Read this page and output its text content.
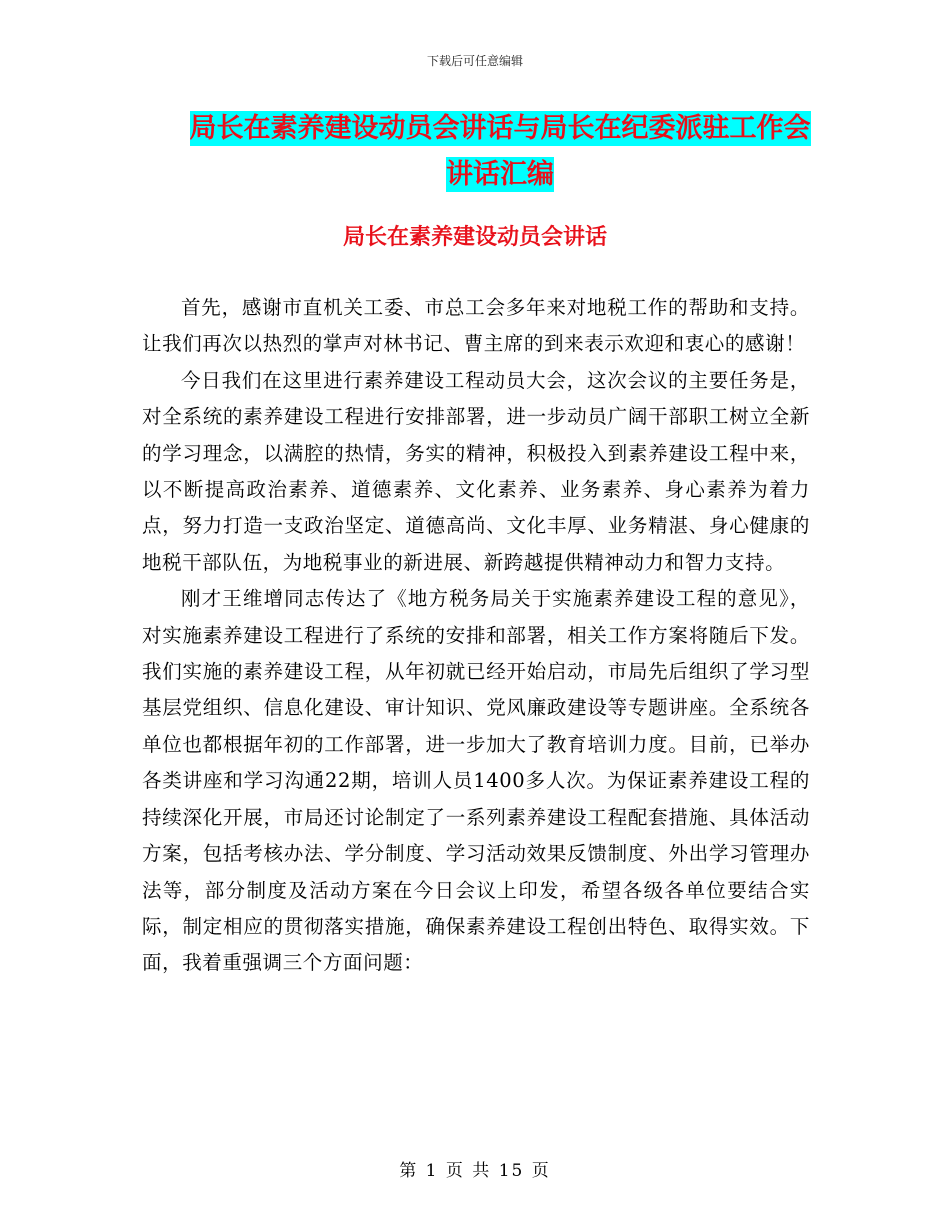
下载后可任意编辑
局长在素养建设动员会讲话与局长在纪委派驻工作会
讲话汇编
局长在素养建设动员会讲话

首先，感谢市直机关工委、市总工会多年来对地税工作的帮助和支持。让我们再次以热烈的掌声对林书记、曹主席的到来表示欢迎和衷心的感谢！

今日我们在这里进行素养建设工程动员大会，这次会议的主要任务是，对全系统的素养建设工程进行安排部署，进一步动员广阔干部职工树立全新的学习理念，以满腔的热情，务实的精神，积极投入到素养建设工程中来，以不断提高政治素养、道德素养、文化素养、业务素养、身心素养为着力点，努力打造一支政治坚定、道德高尚、文化丰厚、业务精湛、身心健康的地税干部队伍，为地税事业的新进展、新跨越提供精神动力和智力支持。

刚才王维增同志传达了《地方税务局关于实施素养建设工程的意见》，对实施素养建设工程进行了系统的安排和部署，相关工作方案将随后下发。我们实施的素养建设工程，从年初就已经开始启动，市局先后组织了学习型基层党组织、信息化建设、审计知识、党风廉政建设等专题讲座。全系统各单位也都根据年初的工作部署，进一步加大了教育培训力度。目前，已举办各类讲座和学习沟通22期，培训人员1400多人次。为保证素养建设工程的持续深化开展，市局还讨论制定了一系列素养建设工程配套措施、具体活动方案，包括考核办法、学分制度、学习活动效果反馈制度、外出学习管理办法等，部分制度及活动方案在今日会议上印发，希望各级各单位要结合实际，制定相应的贯彻落实措施，确保素养建设工程创出特色、取得实效。下面，我着重强调三个方面问题：

第 1 页 共 15 页
